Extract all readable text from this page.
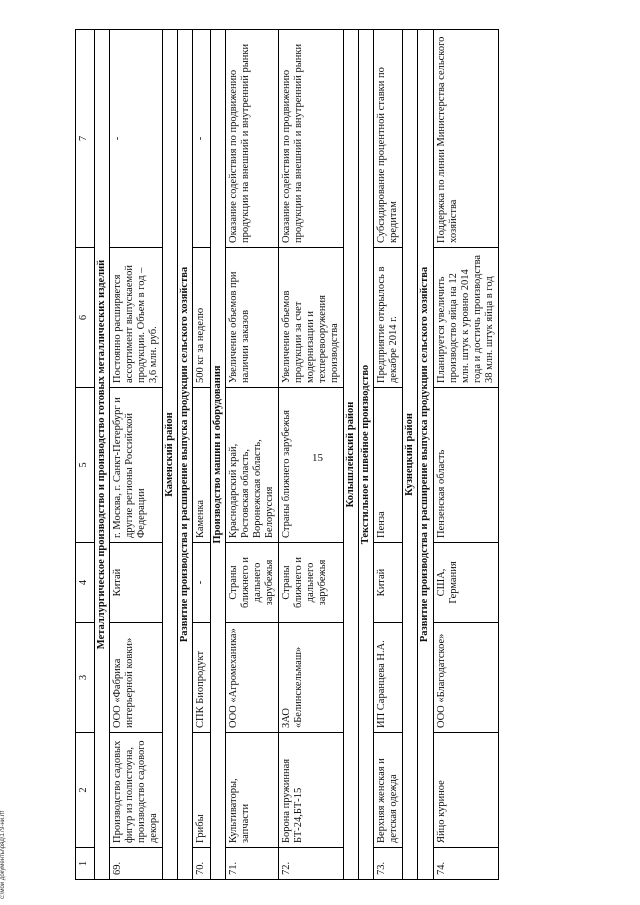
15
1	2	3	4	5	6	7
Металлургическое производство и производство готовых металлических изделий						
69.	Производство садовых фигур из полистоуна, производство садового декора	ООО «Фабрика интерьерной ковки»	Китай	г. Москва, г. Санкт-Петербург и другие регионы Российской Федерации	Постоянно расширяется ассортимент выпускаемой продукции. Объем в год – 3,6 млн. руб.	-
Каменский район						
Развитие производства и расширение выпуска продукции сельского хозяйства						
70.	Грибы	СПК Биопродукт	-	Каменка	500 кг за неделю	-
Производство машин и оборудования						
71.	Культиваторы, запчасти	ООО «Агромеханика»	Страны ближнего и дальнего зарубежья	Краснодарский край, Ростовская область, Воронежская область, Белоруссия	Увеличение объемов при наличии заказов	Оказание содействия по продвижению продукции на внешний и внутренний рынки
72.	Борона пружинная БТ-24,БТ-15	ЗАО «Белинскельмаш»	Страны ближнего и дальнего зарубежья	Страны ближнего зарубежья	Увеличение объемов продукции за счет модернизации и техперевооружения производства	Оказание содействия по продвижению продукции на внешний и внутренний рынки
Колышлейский район						
Текстильное и швейное производство						
73.	Верхняя женская и детская одежда	ИП Саранцева Н.А.	Китай	Пенза	Предприятие открылось в декабре 2014 г.	Субсидирование процентной ставки по кредитам
Кузнецкий район						
Развитие производства и расширение выпуска продукции сельского хозяйства						
74.	Яйцо куриное	ООО «Благодатское»	США, Германия	Пензенская область	Планируется увеличить производство яйца на 12 млн. штук к уровню 2014 года и достичь производства 38 млн. штук яйца в год	Поддержка по линии Министерства сельского хозяйства
c:\мои документы\ряд\179-ни.rtf
